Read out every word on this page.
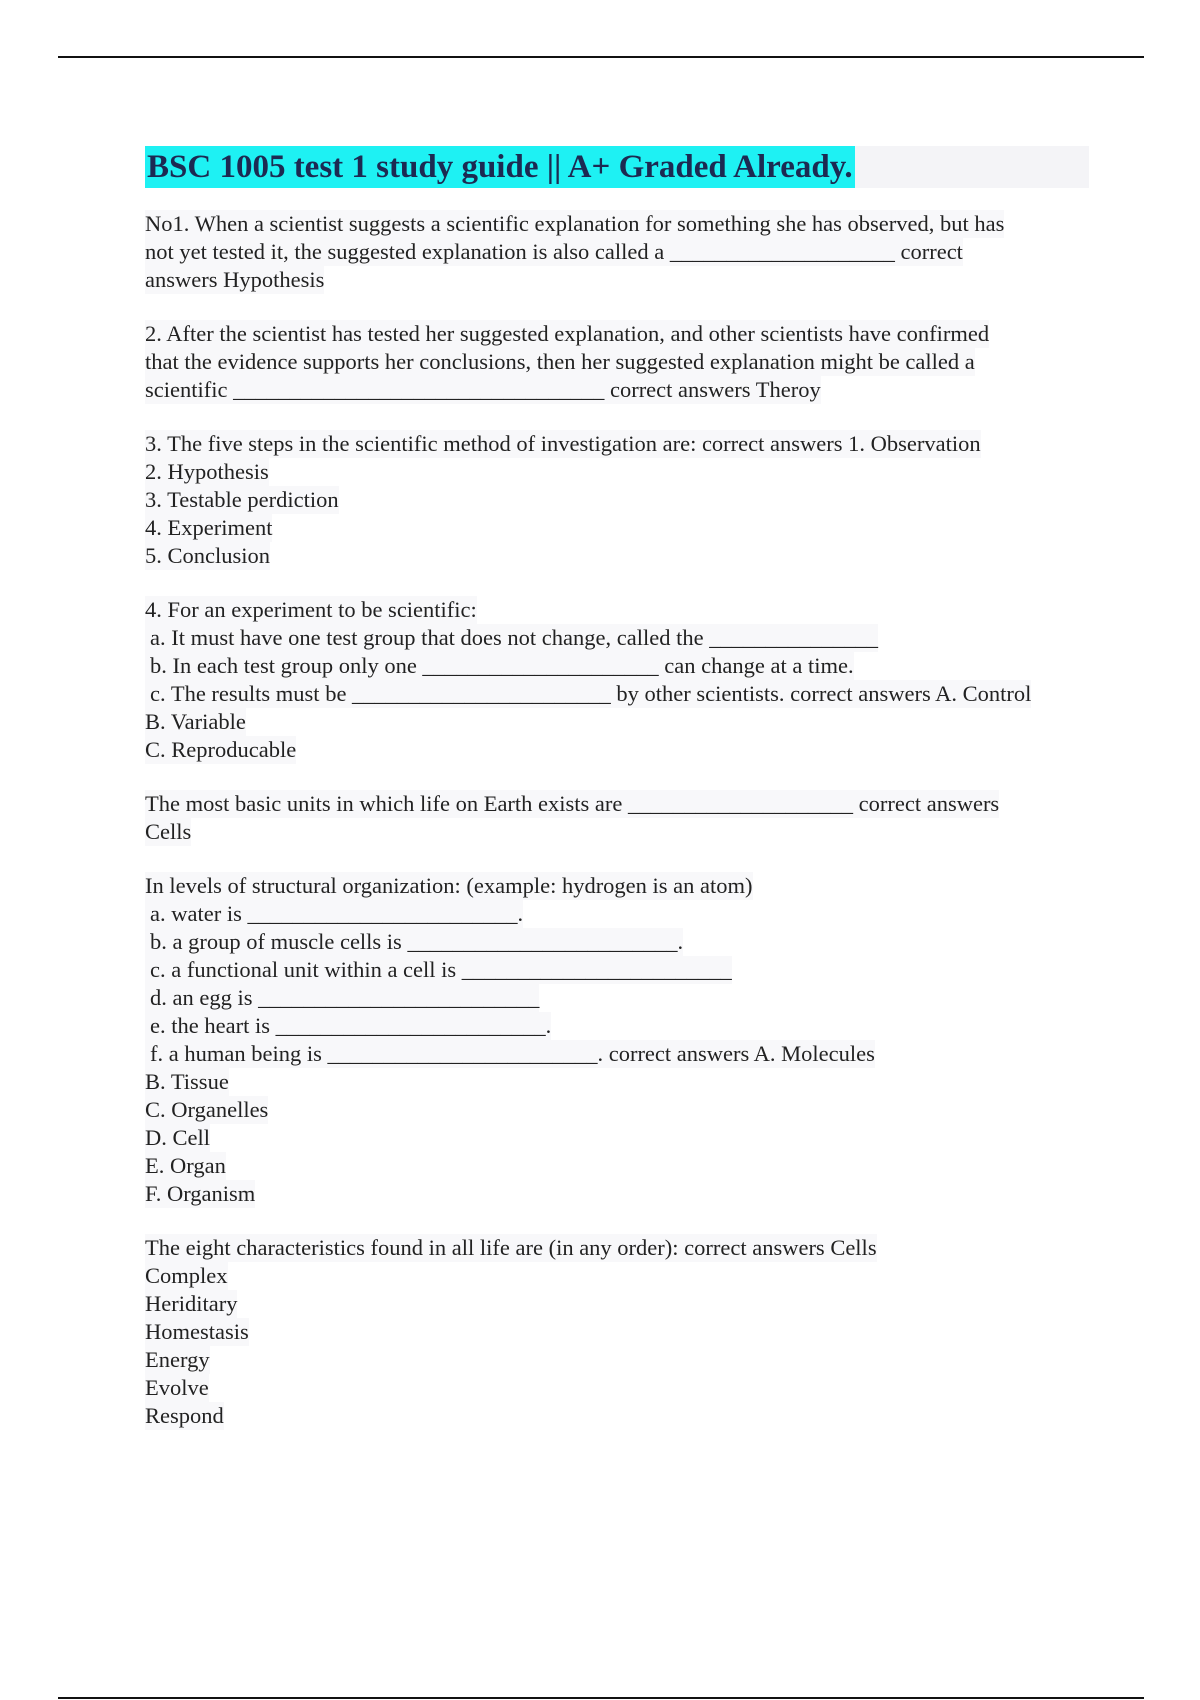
BSC 1005 test 1 study guide || A+ Graded Already.
No1. When a scientist suggests a scientific explanation for something she has observed, but has
not yet tested it, the suggested explanation is also called a ____________________ correct
answers Hypothesis
2. After the scientist has tested her suggested explanation, and other scientists have confirmed
that the evidence supports her conclusions, then her suggested explanation might be called a
scientific _________________________________ correct answers Theroy
3. The five steps in the scientific method of investigation are: correct answers 1. Observation
2. Hypothesis
3. Testable perdiction
4. Experiment
5. Conclusion
4. For an experiment to be scientific:
a. It must have one test group that does not change, called the _______________
b. In each test group only one _____________________ can change at a time.
c. The results must be _______________________ by other scientists. correct answers A. Control
B. Variable
C. Reproducable
The most basic units in which life on Earth exists are ____________________ correct answers
Cells
In levels of structural organization: (example: hydrogen is an atom)
a. water is ________________________.
b. a group of muscle cells is ________________________.
c. a functional unit within a cell is ________________________
d. an egg is _________________________
e. the heart is ________________________.
f. a human being is ________________________. correct answers A. Molecules
B. Tissue
C. Organelles
D. Cell
E. Organ
F. Organism
The eight characteristics found in all life are (in any order): correct answers Cells
Complex
Heriditary
Homestasis
Energy
Evolve
Respond
